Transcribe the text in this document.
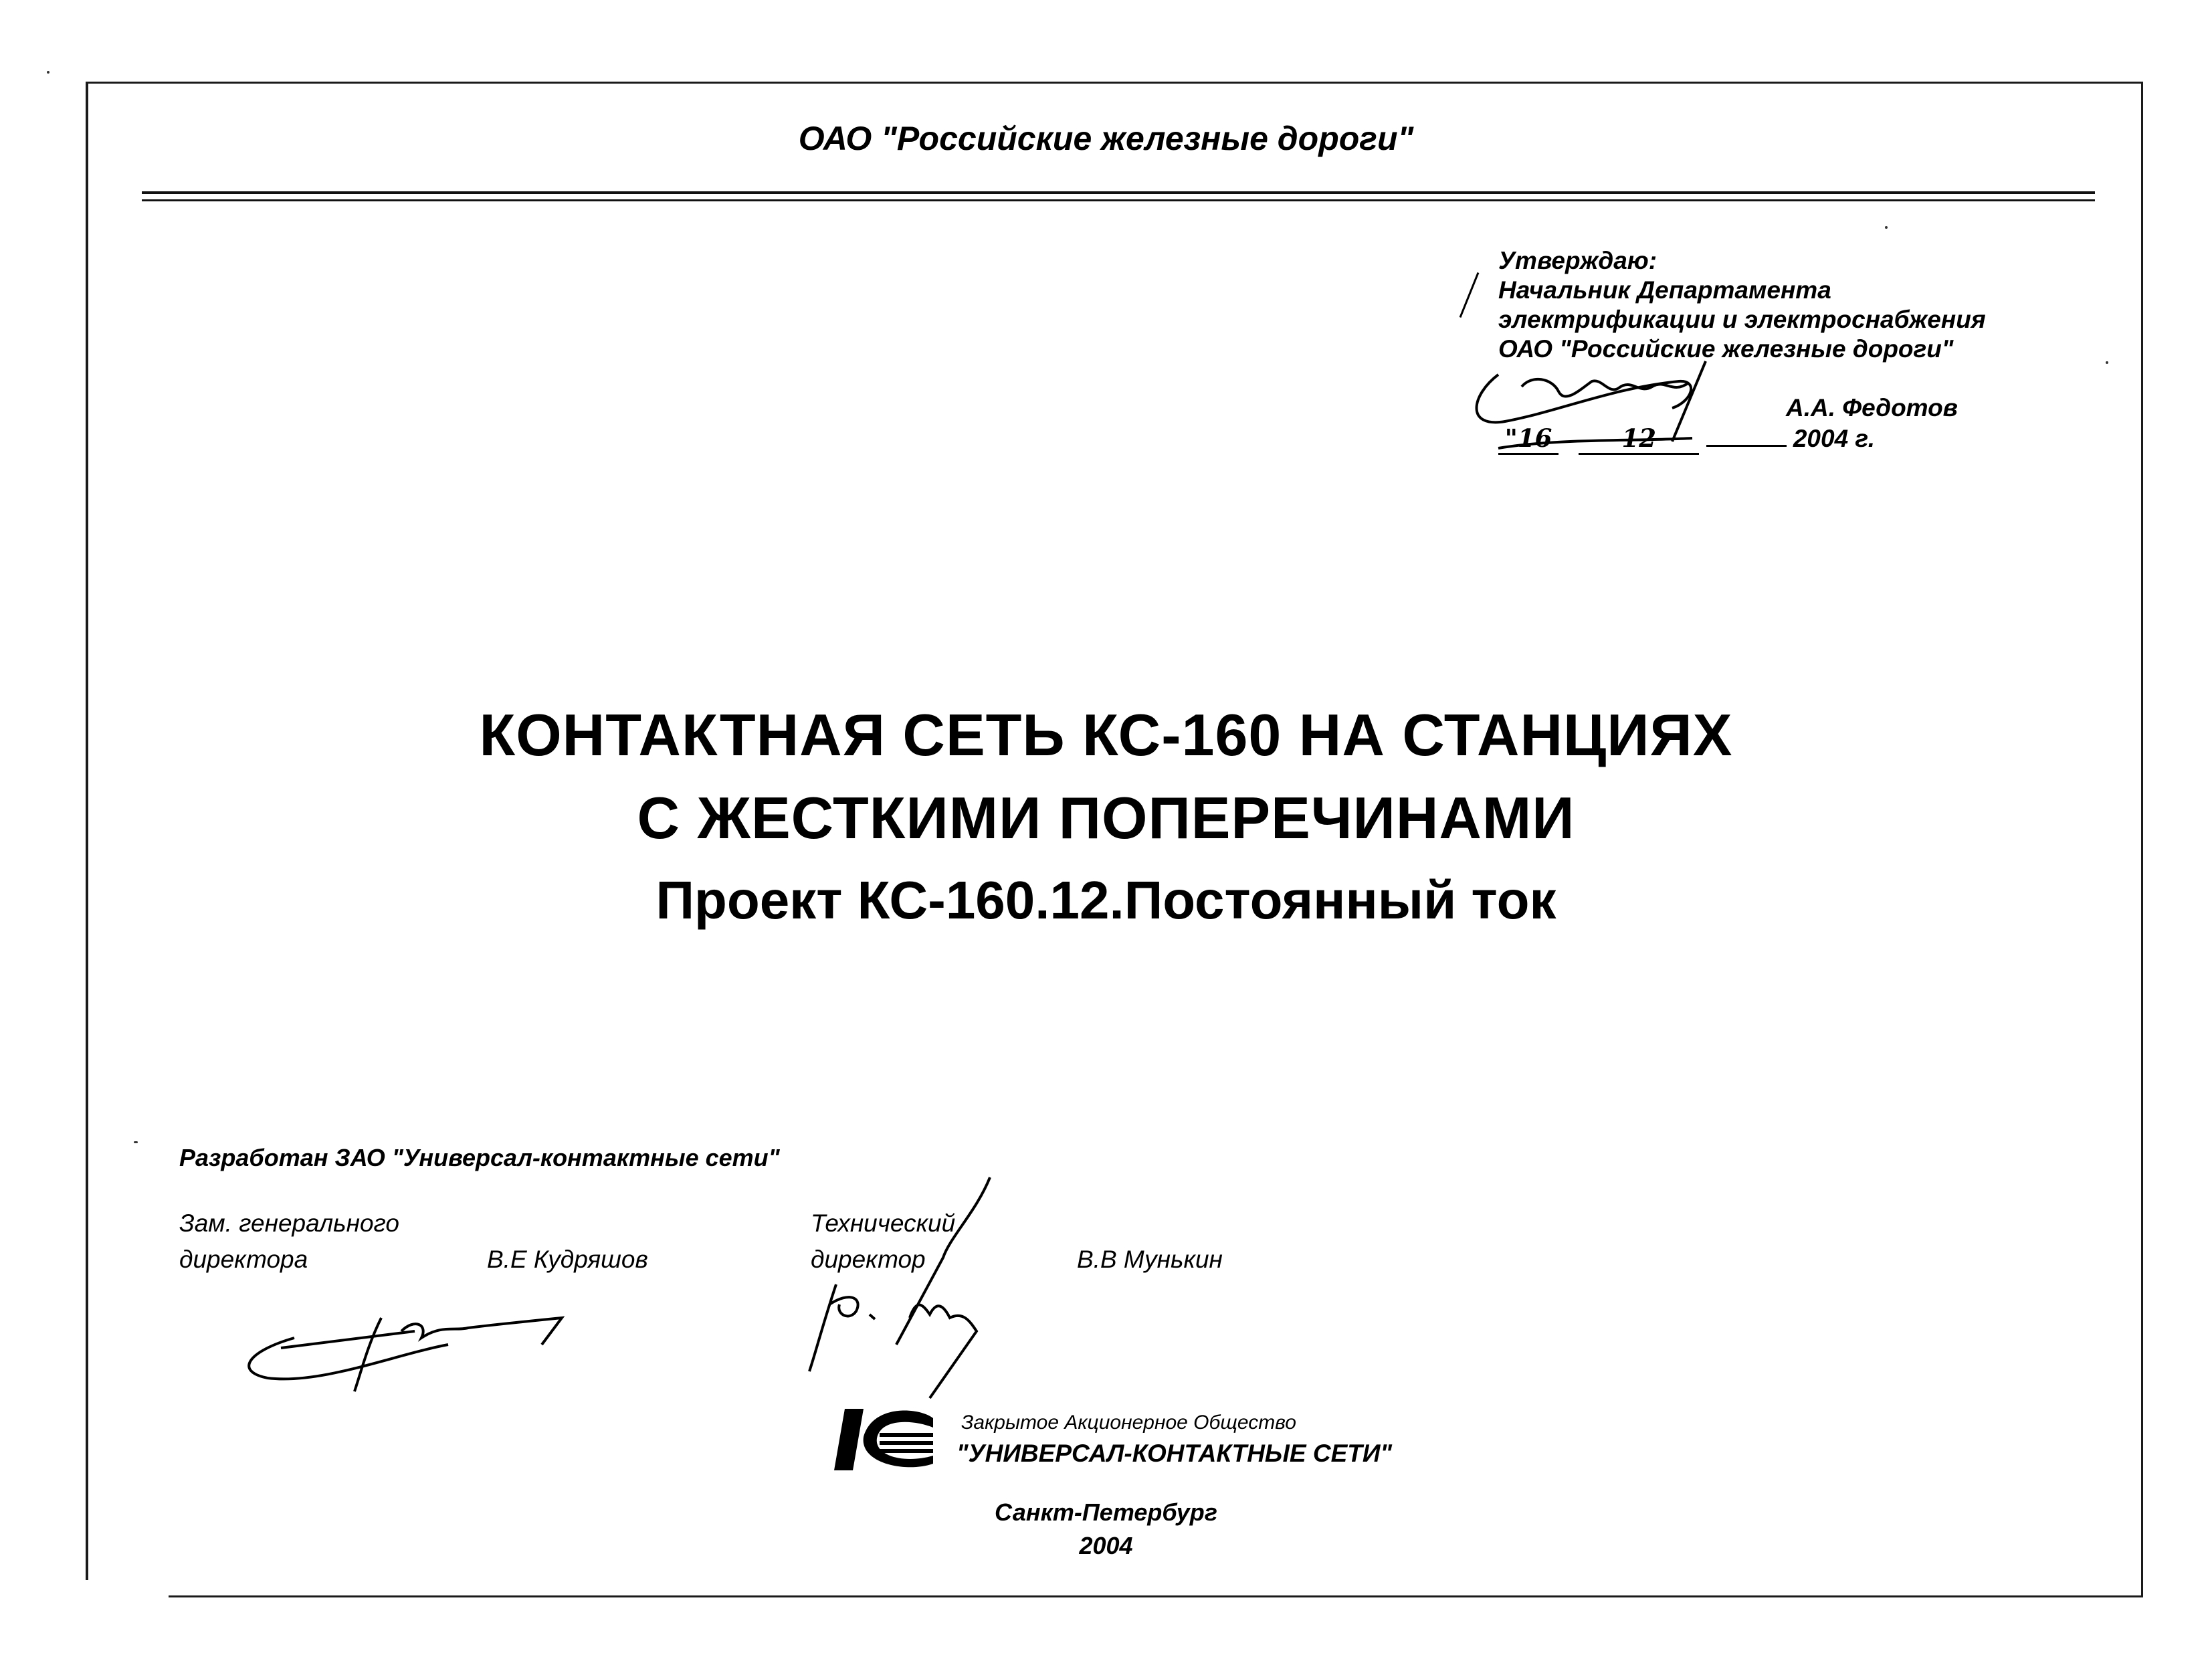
ОАО "Российские железные дороги"
Утверждаю:
Начальник Департамента
электрификации и электроснабжения
ОАО "Российские железные дороги"
А.А. Федотов
"16	12	2004 г.
КОНТАКТНАЯ СЕТЬ КС-160 НА СТАНЦИЯХ
С ЖЕСТКИМИ ПОПЕРЕЧИНАМИ
Проект КС-160.12.Постоянный ток
Разработан ЗАО "Универсал-контактные сети"
Зам. генерального
директора	В.Е Кудряшов
Технический
директор	В.В Мунькин
Закрытое Акционерное Общество
"УНИВЕРСАЛ-КОНТАКТНЫЕ СЕТИ"
Санкт-Петербург
2004
